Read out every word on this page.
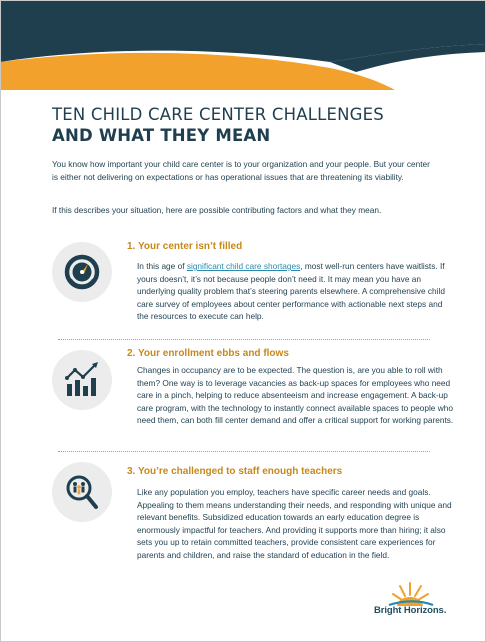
TEN CHILD CARE CENTER CHALLENGES
AND WHAT THEY MEAN

You know how important your child care center is to your organization and your people. But your center is either not delivering on expectations or has operational issues that are threatening its viability.

If this describes your situation, here are possible contributing factors and what they mean.

1. Your center isn’t filled

In this age of significant child care shortages, most well-run centers have waitlists. If yours doesn’t, it’s not because people don’t need it. It may mean you have an underlying quality problem that’s steering parents elsewhere. A comprehensive child care survey of employees about center performance with actionable next steps and the resources to execute can help.

2. Your enrollment ebbs and flows

Changes in occupancy are to be expected. The question is, are you able to roll with them? One way is to leverage vacancies as back-up spaces for employees who need care in a pinch, helping to reduce absenteeism and increase engagement. A back-up care program, with the technology to instantly connect available spaces to people who need them, can both fill center demand and offer a critical support for working parents.

3. You’re challenged to staff enough teachers

Like any population you employ, teachers have specific career needs and goals. Appealing to them means understanding their needs, and responding with unique and relevant benefits. Subsidized education towards an early education degree is enormously impactful for teachers. And providing it supports more than hiring; it also sets you up to retain committed teachers, provide consistent care experiences for parents and children, and raise the standard of education in the field.

Bright Horizons.
